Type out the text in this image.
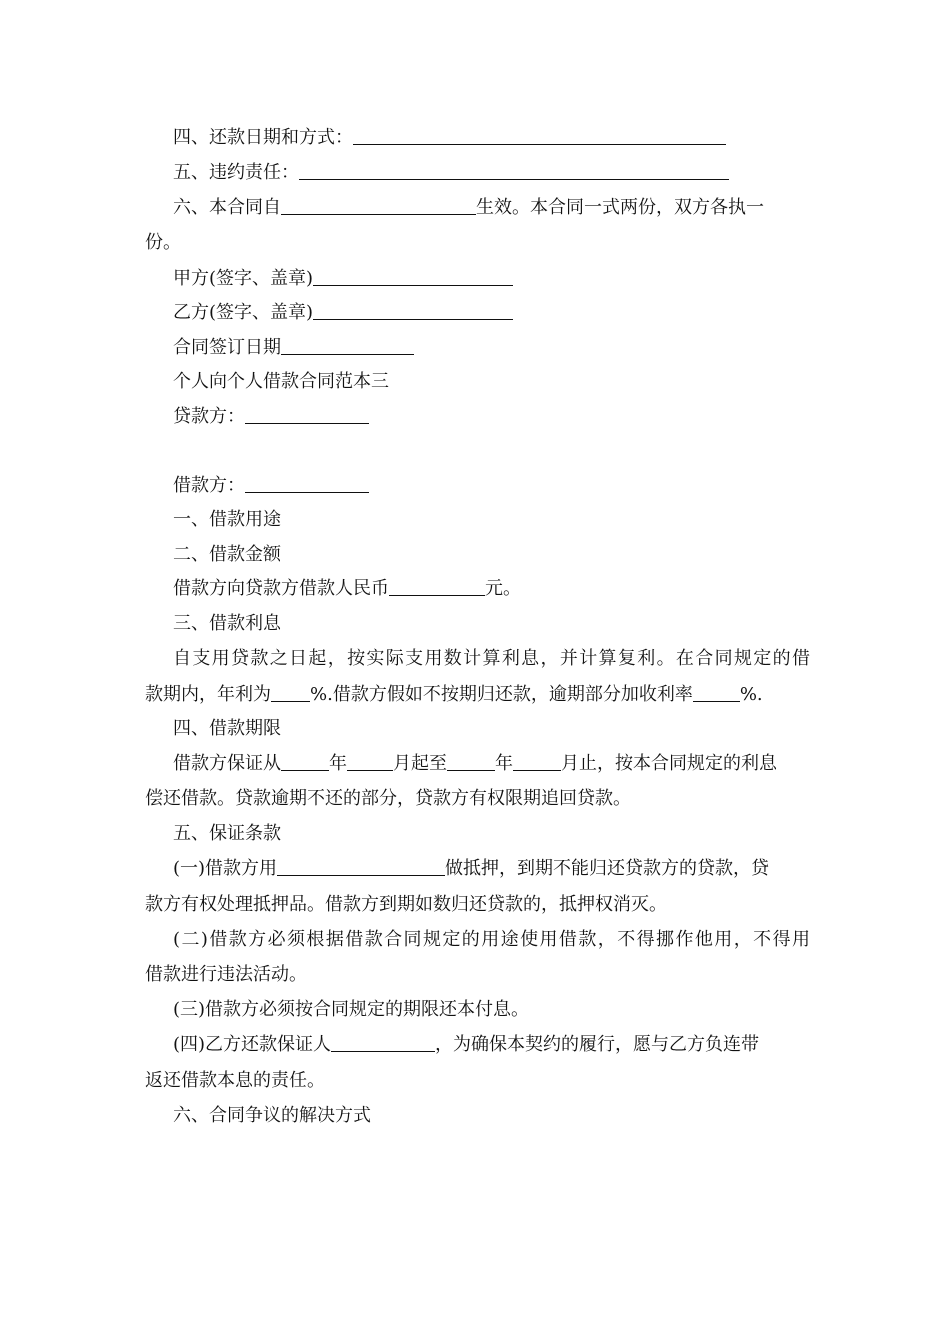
四、还款日期和方式：
五、违约责任：
六、本合同自	生效。本合同一式两份，双方各执一
份。
甲方(签字、盖章)
乙方(签字、盖章)
合同签订日期
个人向个人借款合同范本三
贷款方：
借款方：
一、借款用途
二、借款金额
借款方向贷款方借款人民币	元。
三、借款利息
自支用贷款之日起，按实际支用数计算利息，并计算复利。在合同规定的借
款期内，年利为 %.借款方假如不按期归还款，逾期部分加收利率	%.
四、借款期限
借款方保证从	年	月起至	年	月止，按本合同规定的利息
偿还借款。贷款逾期不还的部分，贷款方有权限期追回贷款。
五、保证条款
(一)借款方用	做抵押，到期不能归还贷款方的贷款，贷
款方有权处理抵押品。借款方到期如数归还贷款的，抵押权消灭。
(二)借款方必须根据借款合同规定的用途使用借款，不得挪作他用，不得用
借款进行违法活动。
(三)借款方必须按合同规定的期限还本付息。
(四)乙方还款保证人	，为确保本契约的履行，愿与乙方负连带
返还借款本息的责任。
六、合同争议的解决方式
